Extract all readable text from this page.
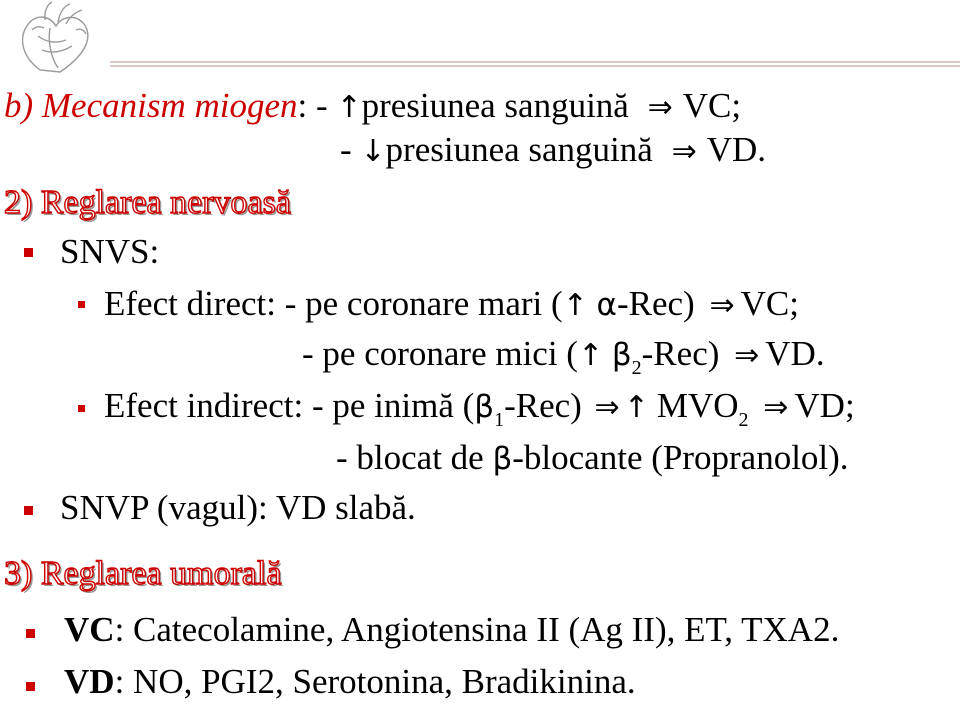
b) Mecanism miogen: - ↑presiunea sanguină ⇒ VC;
- ↓presiunea sanguină ⇒ VD.
2) Reglarea nervoasă
SNVS:
Efect direct: - pe coronare mari (↑ α-Rec) ⇒ VC;
- pe coronare mici (↑ $\beta_2-Rec$) ⇒ VD.
Efect indirect: - pe inimă $(\beta_1-Rec)$ ⇒ ↑ $MVO_2$ ⇒ VD;
- blocat de β-blocante (Propranolol).
SNVP (vagul): VD slabă.
3) Reglarea umorală
VC: Catecolamine, Angiotensina II (Ag II), ET, TXA2.
VD: NO, PGI2, Serotonina, Bradikinina.
